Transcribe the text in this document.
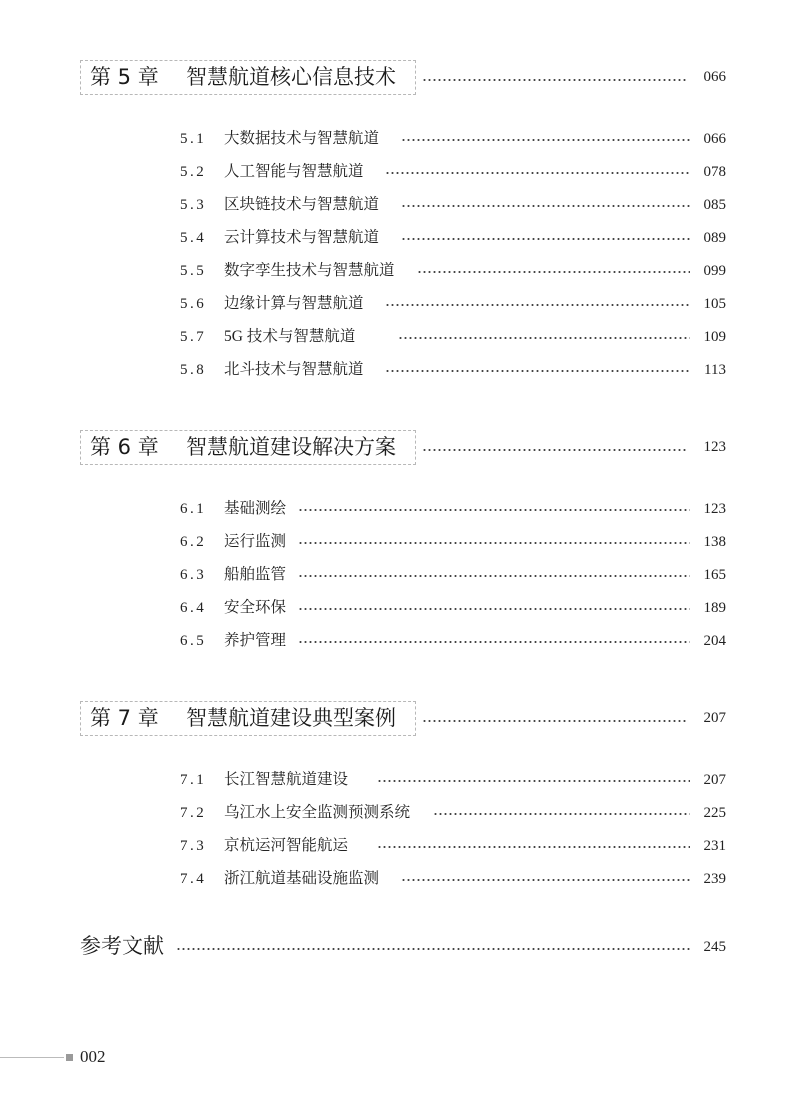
第 5 章 智慧航道核心信息技术	066
5.1 大数据技术与智慧航道	066
5.2 人工智能与智慧航道	078
5.3 区块链技术与智慧航道	085
5.4 云计算技术与智慧航道	089
5.5 数字孪生技术与智慧航道	099
5.6 边缘计算与智慧航道	105
5.7 5G 技术与智慧航道	109
5.8 北斗技术与智慧航道	113
第 6 章 智慧航道建设解决方案	123
6.1 基础测绘	123
6.2 运行监测	138
6.3 船舶监管	165
6.4 安全环保	189
6.5 养护管理	204
第 7 章 智慧航道建设典型案例	207
7.1 长江智慧航道建设	207
7.2 乌江水上安全监测预测系统	225
7.3 京杭运河智能航运	231
7.4 浙江航道基础设施监测	239
参考文献	245
002
